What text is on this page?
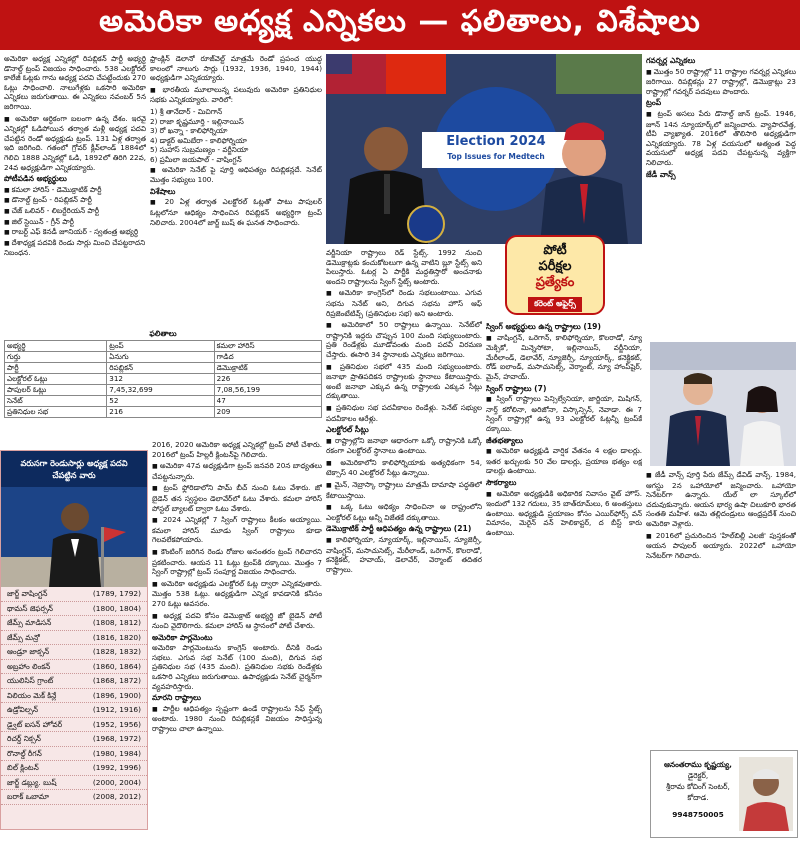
అమెరికా అధ్యక్ష ఎన్నికలు — ఫలితాలు, విశేషాలు

అమెరికా అధ్యక్ష ఎన్నికల్లో రిపబ్లికన్ పార్టీ అభ్యర్థి డొనాల్డ్ ట్రంప్ విజయం సాధించారు. 538 ఎలక్టోరల్ కాలేజీ ఓట్లకు గాను అధ్యక్ష పదవి చేపట్టేందుకు 270 ఓట్లు సాధించాలి. నాలుగేళ్లకు ఒకసారి అమెరికా ఎన్నికలు జరుగుతాయి. ఈ ఎన్నికలు నవంబర్ 5న జరిగాయి.

■ అమెరికా ఆర్థికంగా బలంగా ఉన్న దేశం. ఇరవై ఎన్నికల్లో ఓడిపోయిన తర్వాత మళ్లీ అధ్యక్ష పదవి చేపట్టిన రెండో అధ్యక్షుడు ట్రంప్. 131 ఏళ్ల తర్వాత ఇది జరిగింది. గతంలో గ్రోవర్ క్లీవ్‌లాండ్ 1884లో గెలిచి 1888 ఎన్నికల్లో ఓడి, 1892లో తిరిగి 22వ, 24వ అధ్యక్షుడిగా ఎన్నికయ్యారు.

పోటీపడిన అభ్యర్థులు

■ కమలా హారిస్ - డెమొక్రాటిక్ పార్టీ

■ డొనాల్డ్ ట్రంప్ - రిపబ్లికన్ పార్టీ

■ చేజ్ ఒలివర్ - లిబర్టేరియన్ పార్టీ

■ జిల్ స్టెయిన్ - గ్రీన్ పార్టీ

■ రాబర్ట్ ఎఫ్ కెనడీ జూనియర్ - స్వతంత్ర అభ్యర్థి

■ దేశాధ్యక్ష పదవికి రెండు సార్లు మించి చేపట్టరాదని నిబంధన.

ఫ్రాంక్లిన్ డెలానో రూజ్‌వెల్ట్ మాత్రమే రెండో ప్రపంచ యుద్ధ కాలంలో నాలుగు సార్లు (1932, 1936, 1940, 1944) అధ్యక్షుడిగా ఎన్నికయ్యారు.

■ భారతీయ మూలాలున్న పలువురు అమెరికా ప్రతినిధుల సభకు ఎన్నికయ్యారు. వారిలో:

1) శ్రీ తానేదార్ - మిచిగాన్

2) రాజా కృష్ణమూర్తి - ఇల్లినాయిస్

3) రో ఖన్నా - కాలిఫోర్నియా

4) డాక్టర్ అమిబేరా - కాలిఫోర్నియా

5) సుహాస్ సుబ్రమణ్యం - వర్జీనియా

6) ప్రమీలా జయపాల్ - వాషింగ్టన్

■ అమెరికా సెనేట్ పై పూర్తి ఆధిపత్యం రిపబ్లికన్లదే. సెనేట్ మొత్తం సభ్యులు 100.

విశేషాలు

■ 20 ఏళ్ల తర్వాత ఎలక్టోరల్ ఓట్లతో పాటు పాపులర్ ఓట్లలోనూ ఆధిక్యం సాధించిన రిపబ్లికన్ అభ్యర్థిగా ట్రంప్ నిలిచారు. 2004లో జార్జ్ బుష్ ఈ ఘనత సాధించారు.

ఫలితాలు
అభ్యర్థి	ట్రంప్	కమలా హారిస్
గుర్తు	ఏనుగు	గాడిద
పార్టీ	రిపబ్లికన్	డెమొక్రాటిక్
ఎలక్టోరల్ ఓట్లు	312	226
పాపులర్ ఓట్లు	7,45,32,699	7,08,56,199
సెనేట్	52	47
ప్రతినిధుల సభ	216	209
వరుసగా రెండుసార్లు అధ్యక్ష పదవి చేపట్టిన వారు
జార్జ్ వాషింగ్టన్	(1789, 1792)
థామస్ జెఫర్సన్	(1800, 1804)
జేమ్స్ మాడిసన్	(1808, 1812)
జేమ్స్ మన్రో	(1816, 1820)
ఆండ్రూ జాక్సన్	(1828, 1832)
అబ్రహాం లింకన్	(1860, 1864)
యులిసిస్ గ్రాంట్	(1868, 1872)
విలియం మెక్ కిన్లే	(1896, 1900)
ఉడ్రోవిల్సన్	(1912, 1916)
డ్వైట్ ఐసన్ హోవర్	(1952, 1956)
రిచర్డ్ నిక్సన్	(1968, 1972)
రొనాల్డ్ రీగన్	(1980, 1984)
బిల్ క్లింటన్	(1992, 1996)
జార్జ్ డబ్ల్యు. బుష్	(2000, 2004)
బరాక్ ఒబామా	(2008, 2012)

2016, 2020 అమెరికా అధ్యక్ష ఎన్నికల్లో ట్రంప్ పోటీ చేశారు. 2016లో ట్రంప్ హిల్లరీ క్లింటన్‌పై గెలిచారు.

■ అమెరికా 47వ అధ్యక్షుడిగా ట్రంప్ జనవరి 20న బాధ్యతలు చేపట్టనున్నారు.

■ ట్రంప్ ఫ్లోరిడాలోని పామ్ బీచ్ నుంచి ఓటు వేశారు. జో బైడెన్ తన స్వస్థలం డెలావేర్‌లో ఓటు వేశారు. కమలా హారిస్ పోస్టల్ బ్యాలట్ ద్వారా ఓటు వేశారు.

■ 2024 ఎన్నికల్లో 7 స్వింగ్ రాష్ట్రాలు కీలకం అయ్యాయి. కమలా హారిస్ మూడు స్వింగ్ రాష్ట్రాలు కూడా గెలవలేకపోయారు.

■ కౌంటింగ్ జరిగిన రెండు రోజుల అనంతరం ట్రంప్ గెలిచారని ప్రకటించారు. ఆయన 11 ఓట్లు ట్రంప్‌కి దక్కాయి. మొత్తం 7 స్వింగ్ రాష్ట్రాల్లో ట్రంప్ సంపూర్ణ విజయం సాధించారు.

■ అమెరికా అధ్యక్షుడు ఎలక్టోరల్ ఓట్ల ద్వారా ఎన్నికవుతారు. మొత్తం 538 ఓట్లు. అధ్యక్షుడిగా ఎన్నిక కావడానికి కనీసం 270 ఓట్లు అవసరం.

■ అధ్యక్ష పదవి కోసం డెమొక్రాట్ అభ్యర్థి జో బైడెన్ పోటీ నుంచి వైదొలిగారు. కమలా హారిస్ ఆ స్థానంలో పోటీ చేశారు.

అమెరికా పార్లమెంటు

అమెరికా పార్లమెంటును కాంగ్రెస్ అంటారు. దీనికి రెండు సభలు. ఎగువ సభ సెనేట్ (100 మంది), దిగువ సభ ప్రతినిధుల సభ (435 మంది). ప్రతినిధుల సభకు రెండేళ్లకు ఒకసారి ఎన్నికలు జరుగుతాయి. ఉపాధ్యక్షుడు సెనేట్ చైర్మన్‌గా వ్యవహరిస్తారు.

మారని రాష్ట్రాలు

■ పార్టీల ఆధిపత్యం స్పష్టంగా ఉండే రాష్ట్రాలను సేఫ్ స్టేట్స్ అంటారు. 1980 నుంచి రిపబ్లికన్లకే విజయం సాధిస్తున్న రాష్ట్రాలు చాలా ఉన్నాయి.

Election 2024
Top Issues for Medtech
పోటీ
పరీక్షల
ప్రత్యేకం
కరెంట్ అఫైర్స్

వర్జీనియా రాష్ట్రాలు రెడ్ స్టేట్స్. 1992 నుంచి డెమొక్రాట్లకు కంచుకోటలుగా ఉన్న వాటిని బ్లూ స్టేట్స్ అని పిలుస్తారు. ఓటర్ల ఏ పార్టీకి మద్దతిస్తారో అంచనాకు అందని రాష్ట్రాలను స్వింగ్ స్టేట్స్ అంటారు.

■ అమెరికా కాంగ్రెస్‌లో రెండు సభలుంటాయి. ఎగువ సభను సెనేట్ అని, దిగువ సభను హౌస్ ఆఫ్ రిప్రజెంటేటివ్స్ (ప్రతినిధుల సభ) అని అంటారు.

■ అమెరికాలో 50 రాష్ట్రాలు ఉన్నాయి. సెనేట్‌లో రాష్ట్రానికి ఇద్దరు చొప్పున 100 మంది సభ్యులుంటారు. ప్రతి రెండేళ్లకు మూడోవంతు మంది పదవీ విరమణ చేస్తారు. ఈసారి 34 స్థానాలకు ఎన్నికలు జరిగాయి.

■ ప్రతినిధుల సభలో 435 మంది సభ్యులుంటారు. జనాభా ప్రాతిపదికన రాష్ట్రాలకు స్థానాలు కేటాయిస్తారు. అంటే జనాభా ఎక్కువ ఉన్న రాష్ట్రాలకు ఎక్కువ సీట్లు దక్కుతాయి.

■ ప్రతినిధుల సభ పదవీకాలం రెండేళ్లు. సెనేట్ సభ్యుల పదవీకాలం ఆరేళ్లు.

ఎలక్టోరల్ సీట్లు

■ రాష్ట్రాల్లోని జనాభా ఆధారంగా ఒక్కో రాష్ట్రానికి ఒక్కో రకంగా ఎలక్టోరల్ స్థానాలు ఉంటాయి.

■ అమెరికాలోని కాలిఫోర్నియాకు అత్యధికంగా 54, టెక్సాస్ 40 ఎలక్టోరల్ సీట్లు ఉన్నాయి.

■ మైన్, నెబ్రాస్కా రాష్ట్రాలు మాత్రమే దామాషా పద్ధతిలో కేటాయిస్తాయి.

■ ఒక్క ఓటు ఆధిక్యం సాధించినా ఆ రాష్ట్రంలోని ఎలక్టోరల్ ఓట్లు అన్నీ విజేతకే దక్కుతాయి.

డెమొక్రాటిక్ పార్టీ ఆధిపత్యం ఉన్న రాష్ట్రాలు (21)

■ కాలిఫోర్నియా, న్యూయార్క్, ఇల్లినాయిస్, న్యూజెర్సీ, వాషింగ్టన్, మసాచుసెట్స్, మేరీలాండ్, ఒరెగాన్, కొలరాడో, కనెక్టికట్, హవాయ్, డెలావేర్, వెర్మాంట్ తదితర రాష్ట్రాలు.

స్వింగ్ అభ్యర్థులు ఉన్న రాష్ట్రాలు (19)

■ వాషింగ్టన్, ఒరెగాన్, కాలిఫోర్నియా, కొలరాడో, న్యూ మెక్సికో, మిన్నెసోటా, ఇల్లినాయిస్, వర్జీనియా, మేరీలాండ్, డెలావేర్, న్యూజెర్సీ, న్యూయార్క్, కనెక్టికట్, రోడ్ ఐలాండ్, మసాచుసెట్స్, వెర్మాంట్, న్యూ హాంప్‌షైర్, మైన్, హవాయ్.

స్వింగ్ రాష్ట్రాలు (7)

■ స్వింగ్ రాష్ట్రాలు పెన్సిల్వేనియా, జార్జియా, మిషిగన్, నార్త్ కరోలినా, అరిజోనా, విస్కాన్సిన్, నెవాడా. ఈ 7 స్వింగ్ రాష్ట్రాల్లో ఉన్న 93 ఎలక్టోరల్ ఓట్లన్నీ ట్రంప్‌కే దక్కాయి.

జీతభత్యాలు

■ అమెరికా అధ్యక్షుడి వార్షిక వేతనం 4 లక్షల డాలర్లు. ఇతర ఖర్చులకు 50 వేల డాలర్లు, ప్రయాణ భత్యం లక్ష డాలర్లు ఉంటాయి.

సౌకర్యాలు

■ అమెరికా అధ్యక్షుడికి అధికారిక నివాసం వైట్ హౌస్. ఇందులో 132 గదులు, 35 బాత్‌రూమ్‌లు, 6 అంతస్తులు ఉంటాయి. అధ్యక్షుడి ప్రయాణం కోసం ఎయిర్‌ఫోర్స్ వన్ విమానం, మెరైన్ వన్ హెలికాప్టర్, ద బీస్ట్ కారు ఉంటాయి.

గవర్నర్ల ఎన్నికలు

■ మొత్తం 50 రాష్ట్రాల్లో 11 రాష్ట్రాల గవర్నర్ల ఎన్నికలు జరిగాయి. రిపబ్లికన్లు 27 రాష్ట్రాల్లో, డెమొక్రాట్లు 23 రాష్ట్రాల్లో గవర్నర్ పదవులు పొందారు.

ట్రంప్

■ ట్రంప్ అసలు పేరు డొనాల్డ్ జాన్ ట్రంప్. 1946, జూన్ 14న న్యూయార్క్‌లో జన్మించారు. వ్యాపారవేత్త, టీవీ వ్యాఖ్యాత. 2016లో తొలిసారి అధ్యక్షుడిగా ఎన్నికయ్యారు. 78 ఏళ్ల వయసులో అత్యంత పెద్ద వయసులో అధ్యక్ష పదవి చేపట్టనున్న వ్యక్తిగా నిలిచారు.

జేడీ వాన్స్

■ జేడీ వాన్స్ పూర్తి పేరు జేమ్స్ డేవిడ్ వాన్స్. 1984, ఆగస్టు 2న ఒహాయోలో జన్మించారు. ఒహాయో సెనేటర్‌గా ఉన్నారు. యేల్ లా స్కూల్‌లో చదువుకున్నారు. ఆయన భార్య ఉషా చిలుకూరి భారత సంతతి మహిళ. ఆమె తల్లిదండ్రులు ఆంధ్రప్రదేశ్ నుంచి అమెరికా వెళ్లారు.

■ 2016లో ప్రచురించిన 'హిల్‌బిల్లీ ఎలజీ' పుస్తకంతో ఆయన పాపులర్ అయ్యారు. 2022లో ఒహాయో సెనేటర్‌గా గెలిచారు.

ఆనంతరాము కృష్ణయ్య,
డైరెక్టర్,
శ్రీరామ కోచింగ్ సెంటర్,
కోదాడ.
9948750005
